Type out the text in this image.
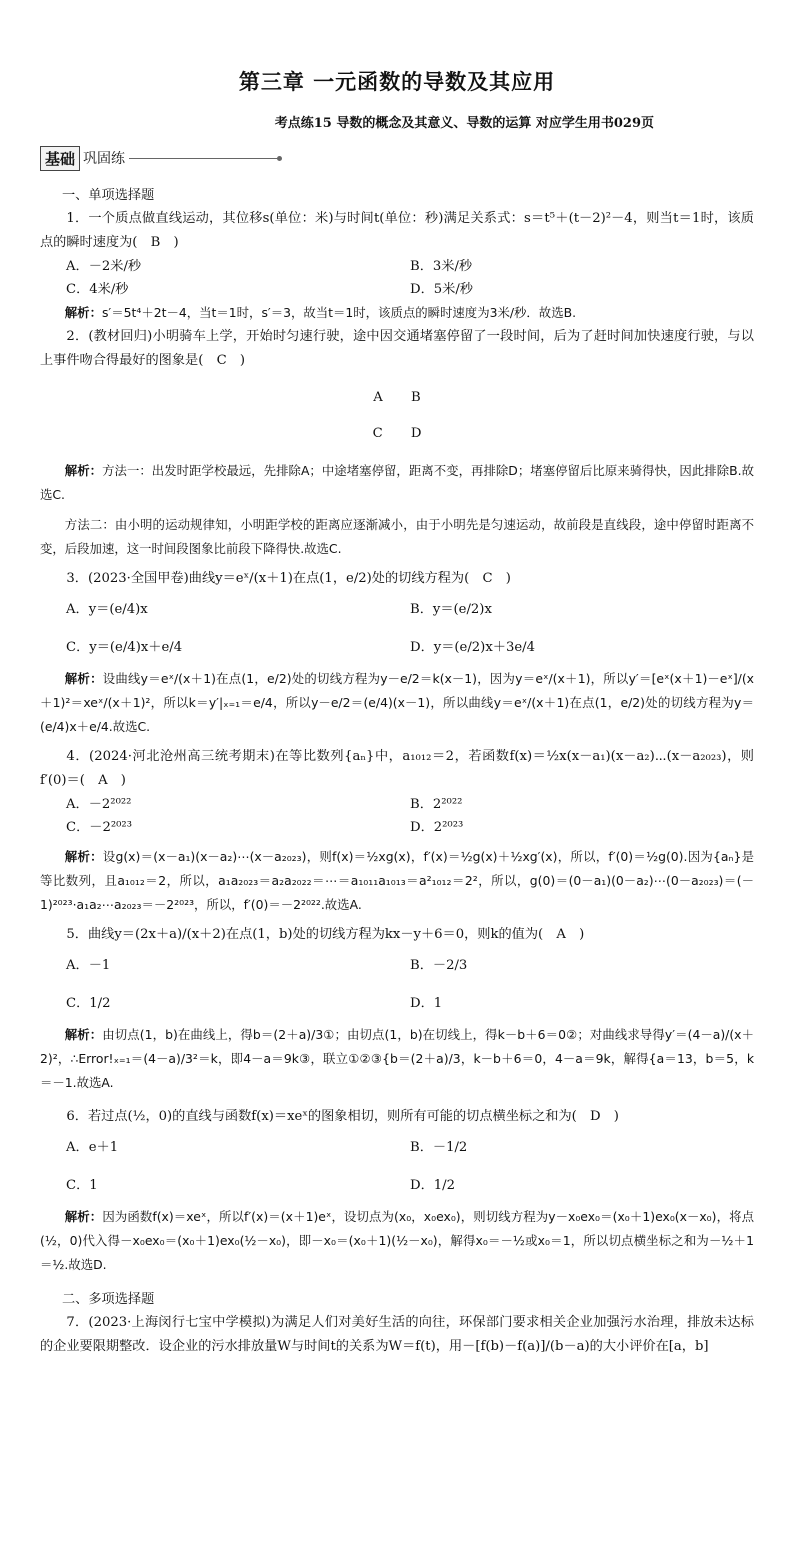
第三章 一元函数的导数及其应用
考点练15 导数的概念及其意义、导数的运算 对应学生用书029页
基础 巩固练
一、单项选择题

1．一个质点做直线运动，其位移s(单位：米)与时间t(单位：秒)满足关系式：s＝t⁵＋(t－2)²－4，则当t＝1时，该质点的瞬时速度为(　B　)

A．－2米/秒	B．3米/秒
C．4米/秒	D．5米/秒

解析：s′＝5t⁴＋2t－4，当t＝1时，s′＝3，故当t＝1时，该质点的瞬时速度为3米/秒．故选B.

2．(教材回归)小明骑车上学，开始时匀速行驶，途中因交通堵塞停留了一段时间，后为了赶时间加快速度行驶，与以上事件吻合得最好的图象是(　C　)

A B
C D

解析：方法一：出发时距学校最远，先排除A；中途堵塞停留，距离不变，再排除D；堵塞停留后比原来骑得快，因此排除B.故选C.

方法二：由小明的运动规律知，小明距学校的距离应逐渐减小，由于小明先是匀速运动，故前段是直线段，途中停留时距离不变，后段加速，这一时间段图象比前段下降得快.故选C.

3．(2023·全国甲卷)曲线y＝eˣ/(x＋1)在点(1，e/2)处的切线方程为(　C　)

A．y＝(e/4)x	B．y＝(e/2)x
C．y＝(e/4)x＋e/4	D．y＝(e/2)x＋3e/4

解析：设曲线y＝eˣ/(x＋1)在点(1，e/2)处的切线方程为y－e/2＝k(x－1)，因为y＝eˣ/(x＋1)，所以y′＝[eˣ(x＋1)－eˣ]/(x＋1)²＝xeˣ/(x＋1)²，所以k＝y′|ₓ₌₁＝e/4，所以y－e/2＝(e/4)(x－1)，所以曲线y＝eˣ/(x＋1)在点(1，e/2)处的切线方程为y＝(e/4)x＋e/4.故选C.

4．(2024·河北沧州高三统考期末)在等比数列{aₙ}中，a₁₀₁₂＝2，若函数f(x)＝½x(x－a₁)(x－a₂)⋯(x－a₂₀₂₃)，则f′(0)＝(　A　)

A．－2²⁰²²	B．2²⁰²²
C．－2²⁰²³	D．2²⁰²³

解析：设g(x)＝(x－a₁)(x－a₂)⋯(x－a₂₀₂₃)，则f(x)＝½xg(x)，f′(x)＝½g(x)＋½xg′(x)，所以，f′(0)＝½g(0).因为{aₙ}是等比数列，且a₁₀₁₂＝2，所以，a₁a₂₀₂₃＝a₂a₂₀₂₂＝⋯＝a₁₀₁₁a₁₀₁₃＝a²₁₀₁₂＝2²，所以，g(0)＝(0－a₁)(0－a₂)⋯(0－a₂₀₂₃)＝(－1)²⁰²³·a₁a₂⋯a₂₀₂₃＝－2²⁰²³，所以，f′(0)＝－2²⁰²².故选A.

5．曲线y＝(2x＋a)/(x＋2)在点(1，b)处的切线方程为kx－y＋6＝0，则k的值为(　A　)

A．－1	B．－2/3
C．1/2	D．1

解析：由切点(1，b)在曲线上，得b＝(2＋a)/3①；由切点(1，b)在切线上，得k－b＋6＝0②；对曲线求导得y′＝(4－a)/(x＋2)²，∴Error!ₓ₌₁＝(4－a)/3²＝k，即4－a＝9k③，联立①②③{b＝(2＋a)/3，k－b＋6＝0，4－a＝9k，解得{a＝13，b＝5，k＝－1.故选A.

6．若过点(½，0)的直线与函数f(x)＝xeˣ的图象相切，则所有可能的切点横坐标之和为(　D　)

A．e＋1	B．－1/2
C．1	D．1/2

解析：因为函数f(x)＝xeˣ，所以f′(x)＝(x＋1)eˣ，设切点为(x₀，x₀ex₀)，则切线方程为y－x₀ex₀＝(x₀＋1)ex₀(x－x₀)，将点(½，0)代入得－x₀ex₀＝(x₀＋1)ex₀(½－x₀)，即－x₀＝(x₀＋1)(½－x₀)，解得x₀＝－½或x₀＝1，所以切点横坐标之和为－½＋1＝½.故选D.

二、多项选择题

7．(2023·上海闵行七宝中学模拟)为满足人们对美好生活的向往，环保部门要求相关企业加强污水治理，排放未达标的企业要限期整改．设企业的污水排放量W与时间t的关系为W＝f(t)，用－[f(b)－f(a)]/(b－a)的大小评价在[a，b]
